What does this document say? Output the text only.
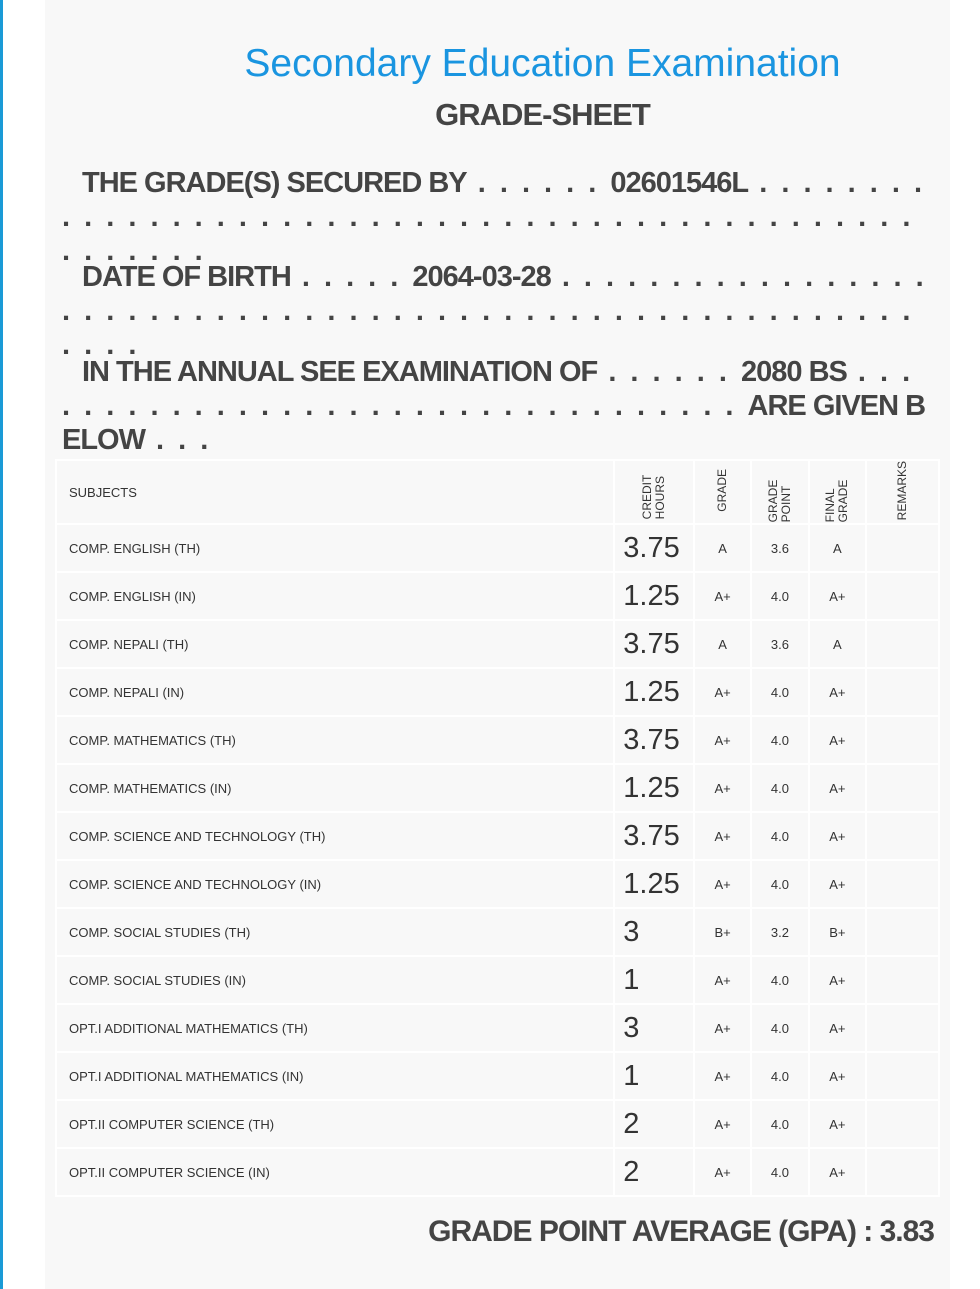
Secondary Education Examination
GRADE-SHEET
THE GRADE(S) SECURED BY . . . . . . 02601546L . . . . . . . . . . . . . . . . . . . . . . . . . . . . . . . . . . . . . . . . . . . . . . . . . . . . . .
DATE OF BIRTH . . . . . 2064-03-28 . . . . . . . . . . . . . . . . . . . . . . . . . . . . . . . . . . . . . . . . . . . . . . . . . . . . . . . . . . . .
IN THE ANNUAL SEE EXAMINATION OF . . . . . . 2080 BS . . . . . . . . . . . . . . . . . . . . . . . . . . . . . . . . . . ARE GIVEN BELOW . . .
SUBJECTS	CREDIT HOURS	GRADE	GRADE POINT	FINAL GRADE	REMARKS
COMP. ENGLISH (TH)	3.75	A	3.6	A	
COMP. ENGLISH (IN)	1.25	A+	4.0	A+	
COMP. NEPALI (TH)	3.75	A	3.6	A	
COMP. NEPALI (IN)	1.25	A+	4.0	A+	
COMP. MATHEMATICS (TH)	3.75	A+	4.0	A+	
COMP. MATHEMATICS (IN)	1.25	A+	4.0	A+	
COMP. SCIENCE AND TECHNOLOGY (TH)	3.75	A+	4.0	A+	
COMP. SCIENCE AND TECHNOLOGY (IN)	1.25	A+	4.0	A+	
COMP. SOCIAL STUDIES (TH)	3	B+	3.2	B+	
COMP. SOCIAL STUDIES (IN)	1	A+	4.0	A+	
OPT.I ADDITIONAL MATHEMATICS (TH)	3	A+	4.0	A+	
OPT.I ADDITIONAL MATHEMATICS (IN)	1	A+	4.0	A+	
OPT.II COMPUTER SCIENCE (TH)	2	A+	4.0	A+	
OPT.II COMPUTER SCIENCE (IN)	2	A+	4.0	A+	
GRADE POINT AVERAGE (GPA) : 3.83
